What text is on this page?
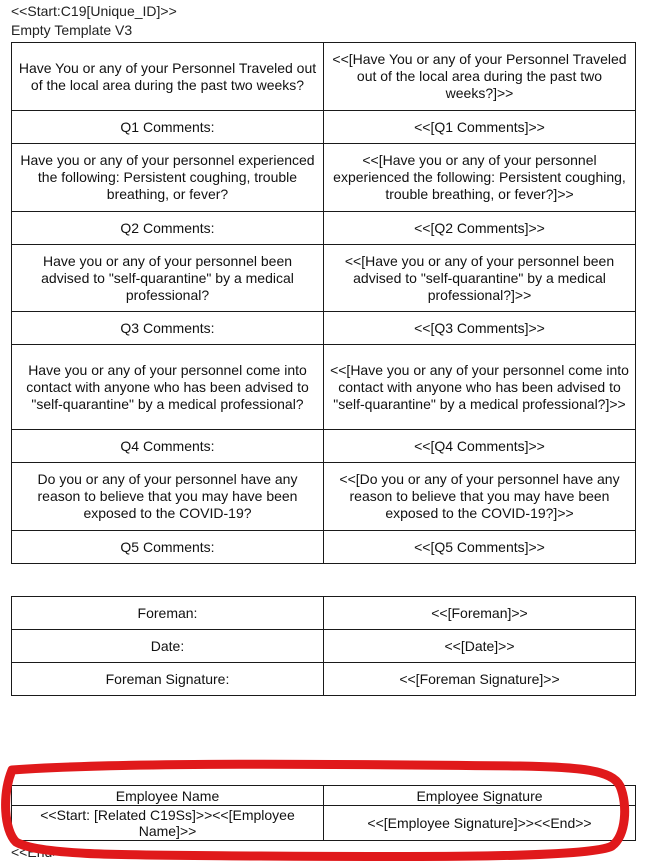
<<Start:C19[Unique_ID]>>
Empty Template V3
Have You or any of your Personnel Traveled out of the local area during the past two weeks?	<<[Have You or any of your Personnel Traveled out of the local area during the past two weeks?]>>
Q1 Comments:	<<[Q1 Comments]>>
Have you or any of your personnel experienced the following: Persistent coughing, trouble breathing, or fever?	<<[Have you or any of your personnel experienced the following: Persistent coughing, trouble breathing, or fever?]>>
Q2 Comments:	<<[Q2 Comments]>>
Have you or any of your personnel been advised to "self-quarantine" by a medical professional?	<<[Have you or any of your personnel been advised to "self-quarantine" by a medical professional?]>>
Q3 Comments:	<<[Q3 Comments]>>
Have you or any of your personnel come into contact with anyone who has been advised to "self-quarantine" by a medical professional?	<<[Have you or any of your personnel come into contact with anyone who has been advised to "self-quarantine" by a medical professional?]>>
Q4 Comments:	<<[Q4 Comments]>>
Do you or any of your personnel have any reason to believe that you may have been exposed to the COVID-19?	<<[Do you or any of your personnel have any reason to believe that you may have been exposed to the COVID-19?]>>
Q5 Comments:	<<[Q5 Comments]>>
Foreman:	<<[Foreman]>>
Date:	<<[Date]>>
Foreman Signature:	<<[Foreman Signature]>>
Employee Name	Employee Signature
<<Start: [Related C19Ss]>><<[Employee Name]>>	<<[Employee Signature]>><<End>>
<<End>>
